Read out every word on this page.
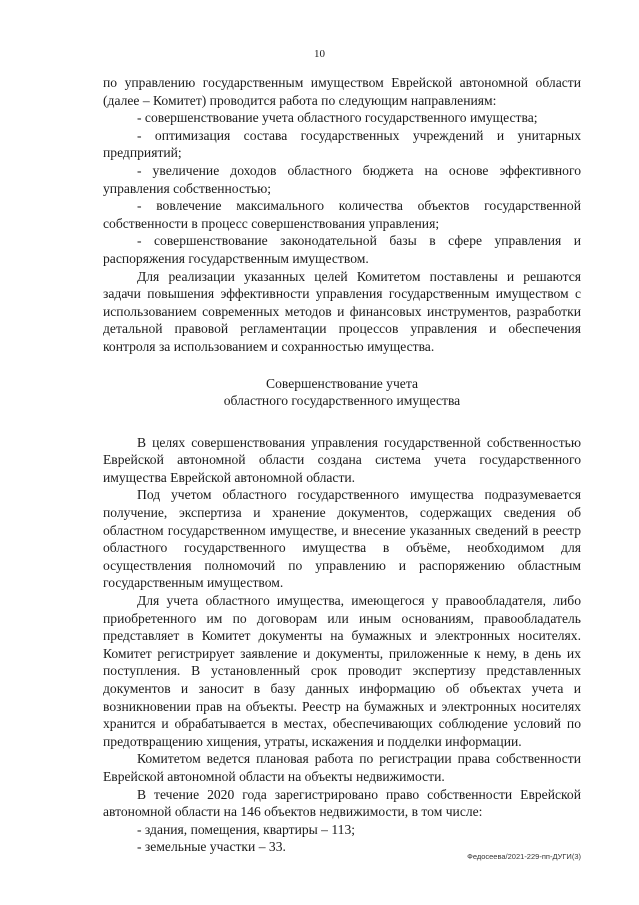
10

по управлению государственным имуществом Еврейской автономной области (далее – Комитет) проводится работа по следующим направлениям:

- совершенствование учета областного государственного имущества;

- оптимизация состава государственных учреждений и унитарных предприятий;

- увеличение доходов областного бюджета на основе эффективного управления собственностью;

- вовлечение максимального количества объектов государственной собственности в процесс совершенствования управления;

- совершенствование законодательной базы в сфере управления и распоряжения государственным имуществом.

Для реализации указанных целей Комитетом поставлены и решаются задачи повышения эффективности управления государственным имуществом с использованием современных методов и финансовых инструментов, разработки детальной правовой регламентации процессов управления и обеспечения контроля за использованием и сохранностью имущества.

Совершенствование учета

областного государственного имущества

В целях совершенствования управления государственной собственностью Еврейской автономной области создана система учета государственного имущества Еврейской автономной области.

Под учетом областного государственного имущества подразумевается получение, экспертиза и хранение документов, содержащих сведения об областном государственном имуществе, и внесение указанных сведений в реестр областного государственного имущества в объёме, необходимом для осуществления полномочий по управлению и распоряжению областным государственным имуществом.

Для учета областного имущества, имеющегося у правообладателя, либо приобретенного им по договорам или иным основаниям, правообладатель представляет в Комитет документы на бумажных и электронных носителях. Комитет регистрирует заявление и документы, приложенные к нему, в день их поступления. В установленный срок проводит экспертизу представленных документов и заносит в базу данных информацию об объектах учета и возникновении прав на объекты. Реестр на бумажных и электронных носителях хранится и обрабатывается в местах, обеспечивающих соблюдение условий по предотвращению хищения, утраты, искажения и подделки информации.

Комитетом ведется плановая работа по регистрации права собственности Еврейской автономной области на объекты недвижимости.

В течение 2020 года зарегистрировано право собственности Еврейской автономной области на 146 объектов недвижимости, в том числе:

- здания, помещения, квартиры – 113;

- земельные участки – 33.

Федосеева/2021-229-пп-ДУГИ(3)
